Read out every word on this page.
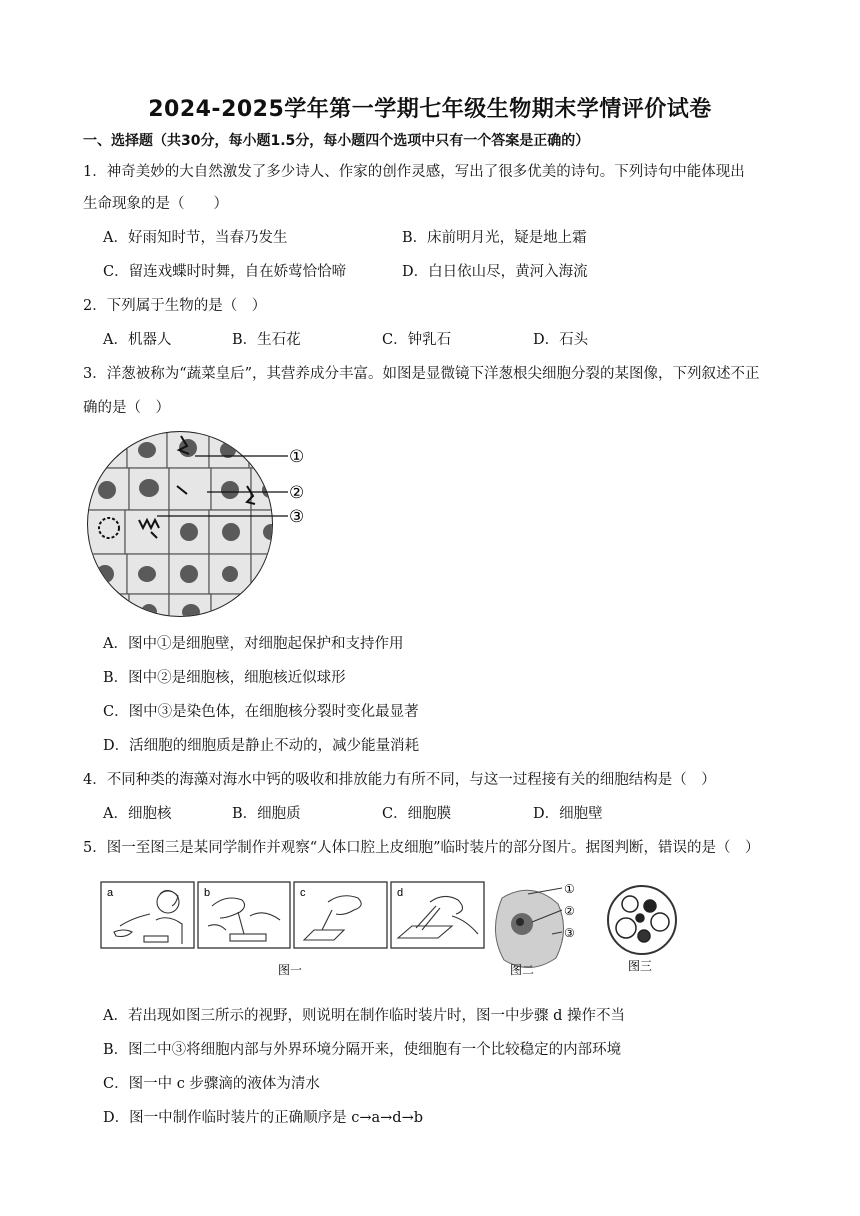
2024-2025学年第一学期七年级生物期末学情评价试卷
一、选择题（共30分，每小题1.5分，每小题四个选项中只有一个答案是正确的）
1．神奇美妙的大自然激发了多少诗人、作家的创作灵感，写出了很多优美的诗句。下列诗句中能体现出
生命现象的是（　　）
A．好雨知时节，当春乃发生	B．床前明月光，疑是地上霜
C．留连戏蝶时时舞，自在娇莺恰恰啼	D．白日依山尽，黄河入海流
2．下列属于生物的是（　）
A．机器人	B．生石花	C．钟乳石	D．石头
3．洋葱被称为“蔬菜皇后”，其营养成分丰富。如图是显微镜下洋葱根尖细胞分裂的某图像，下列叙述不正
确的是（　）
①
②
③
A．图中①是细胞壁，对细胞起保护和支持作用
B．图中②是细胞核，细胞核近似球形
C．图中③是染色体，在细胞核分裂时变化最显著
D．活细胞的细胞质是静止不动的，减少能量消耗
4．不同种类的海藻对海水中钙的吸收和排放能力有所不同，与这一过程接有关的细胞结构是（　）
A．细胞核	B．细胞质	C．细胞膜	D．细胞壁
5．图一至图三是某同学制作并观察“人体口腔上皮细胞”临时装片的部分图片。据图判断，错误的是（　）
a	b	c	d	①
②
③
图一	图二	图三
A．若出现如图三所示的视野，则说明在制作临时装片时，图一中步骤 d 操作不当
B．图二中③将细胞内部与外界环境分隔开来，使细胞有一个比较稳定的内部环境
C．图一中 c 步骤滴的液体为清水
D．图一中制作临时装片的正确顺序是 c→a→d→b
